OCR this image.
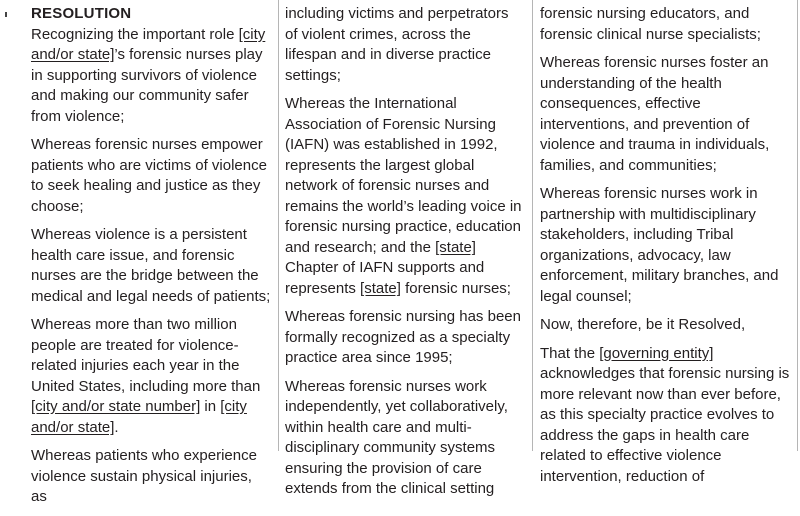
RESOLUTION

Recognizing the important role [city and/or state]’s forensic nurses play in supporting survivors of violence and making our community safer from violence;

Whereas forensic nurses empower patients who are victims of violence to seek healing and justice as they choose;

Whereas violence is a persistent health care issue, and forensic nurses are the bridge between the medical and legal needs of patients;

Whereas more than two million people are treated for violence-related injuries each year in the United States, including more than [city and/or state number] in [city and/or state].

Whereas patients who experience violence sustain physical injuries, as

including victims and perpetrators of violent crimes, across the lifespan and in diverse practice settings;

Whereas the International Association of Forensic Nursing (IAFN) was established in 1992, represents the largest global network of forensic nurses and remains the world’s leading voice in forensic nursing practice, education and research; and the [state] Chapter of IAFN supports and represents [state] forensic nurses;

Whereas forensic nursing has been formally recognized as a specialty practice area since 1995;

Whereas forensic nurses work independently, yet collaboratively, within health care and multi-disciplinary community systems ensuring the provision of care extends from the clinical setting

forensic nursing educators, and forensic clinical nurse specialists;

Whereas forensic nurses foster an understanding of the health consequences, effective interventions, and prevention of violence and trauma in individuals, families, and communities;

Whereas forensic nurses work in partnership with multidisciplinary stakeholders, including Tribal organizations, advocacy, law enforcement, military branches, and legal counsel;

Now, therefore, be it Resolved,

That the [governing entity] acknowledges that forensic nursing is more relevant now than ever before, as this specialty practice evolves to address the gaps in health care related to effective violence intervention, reduction of
